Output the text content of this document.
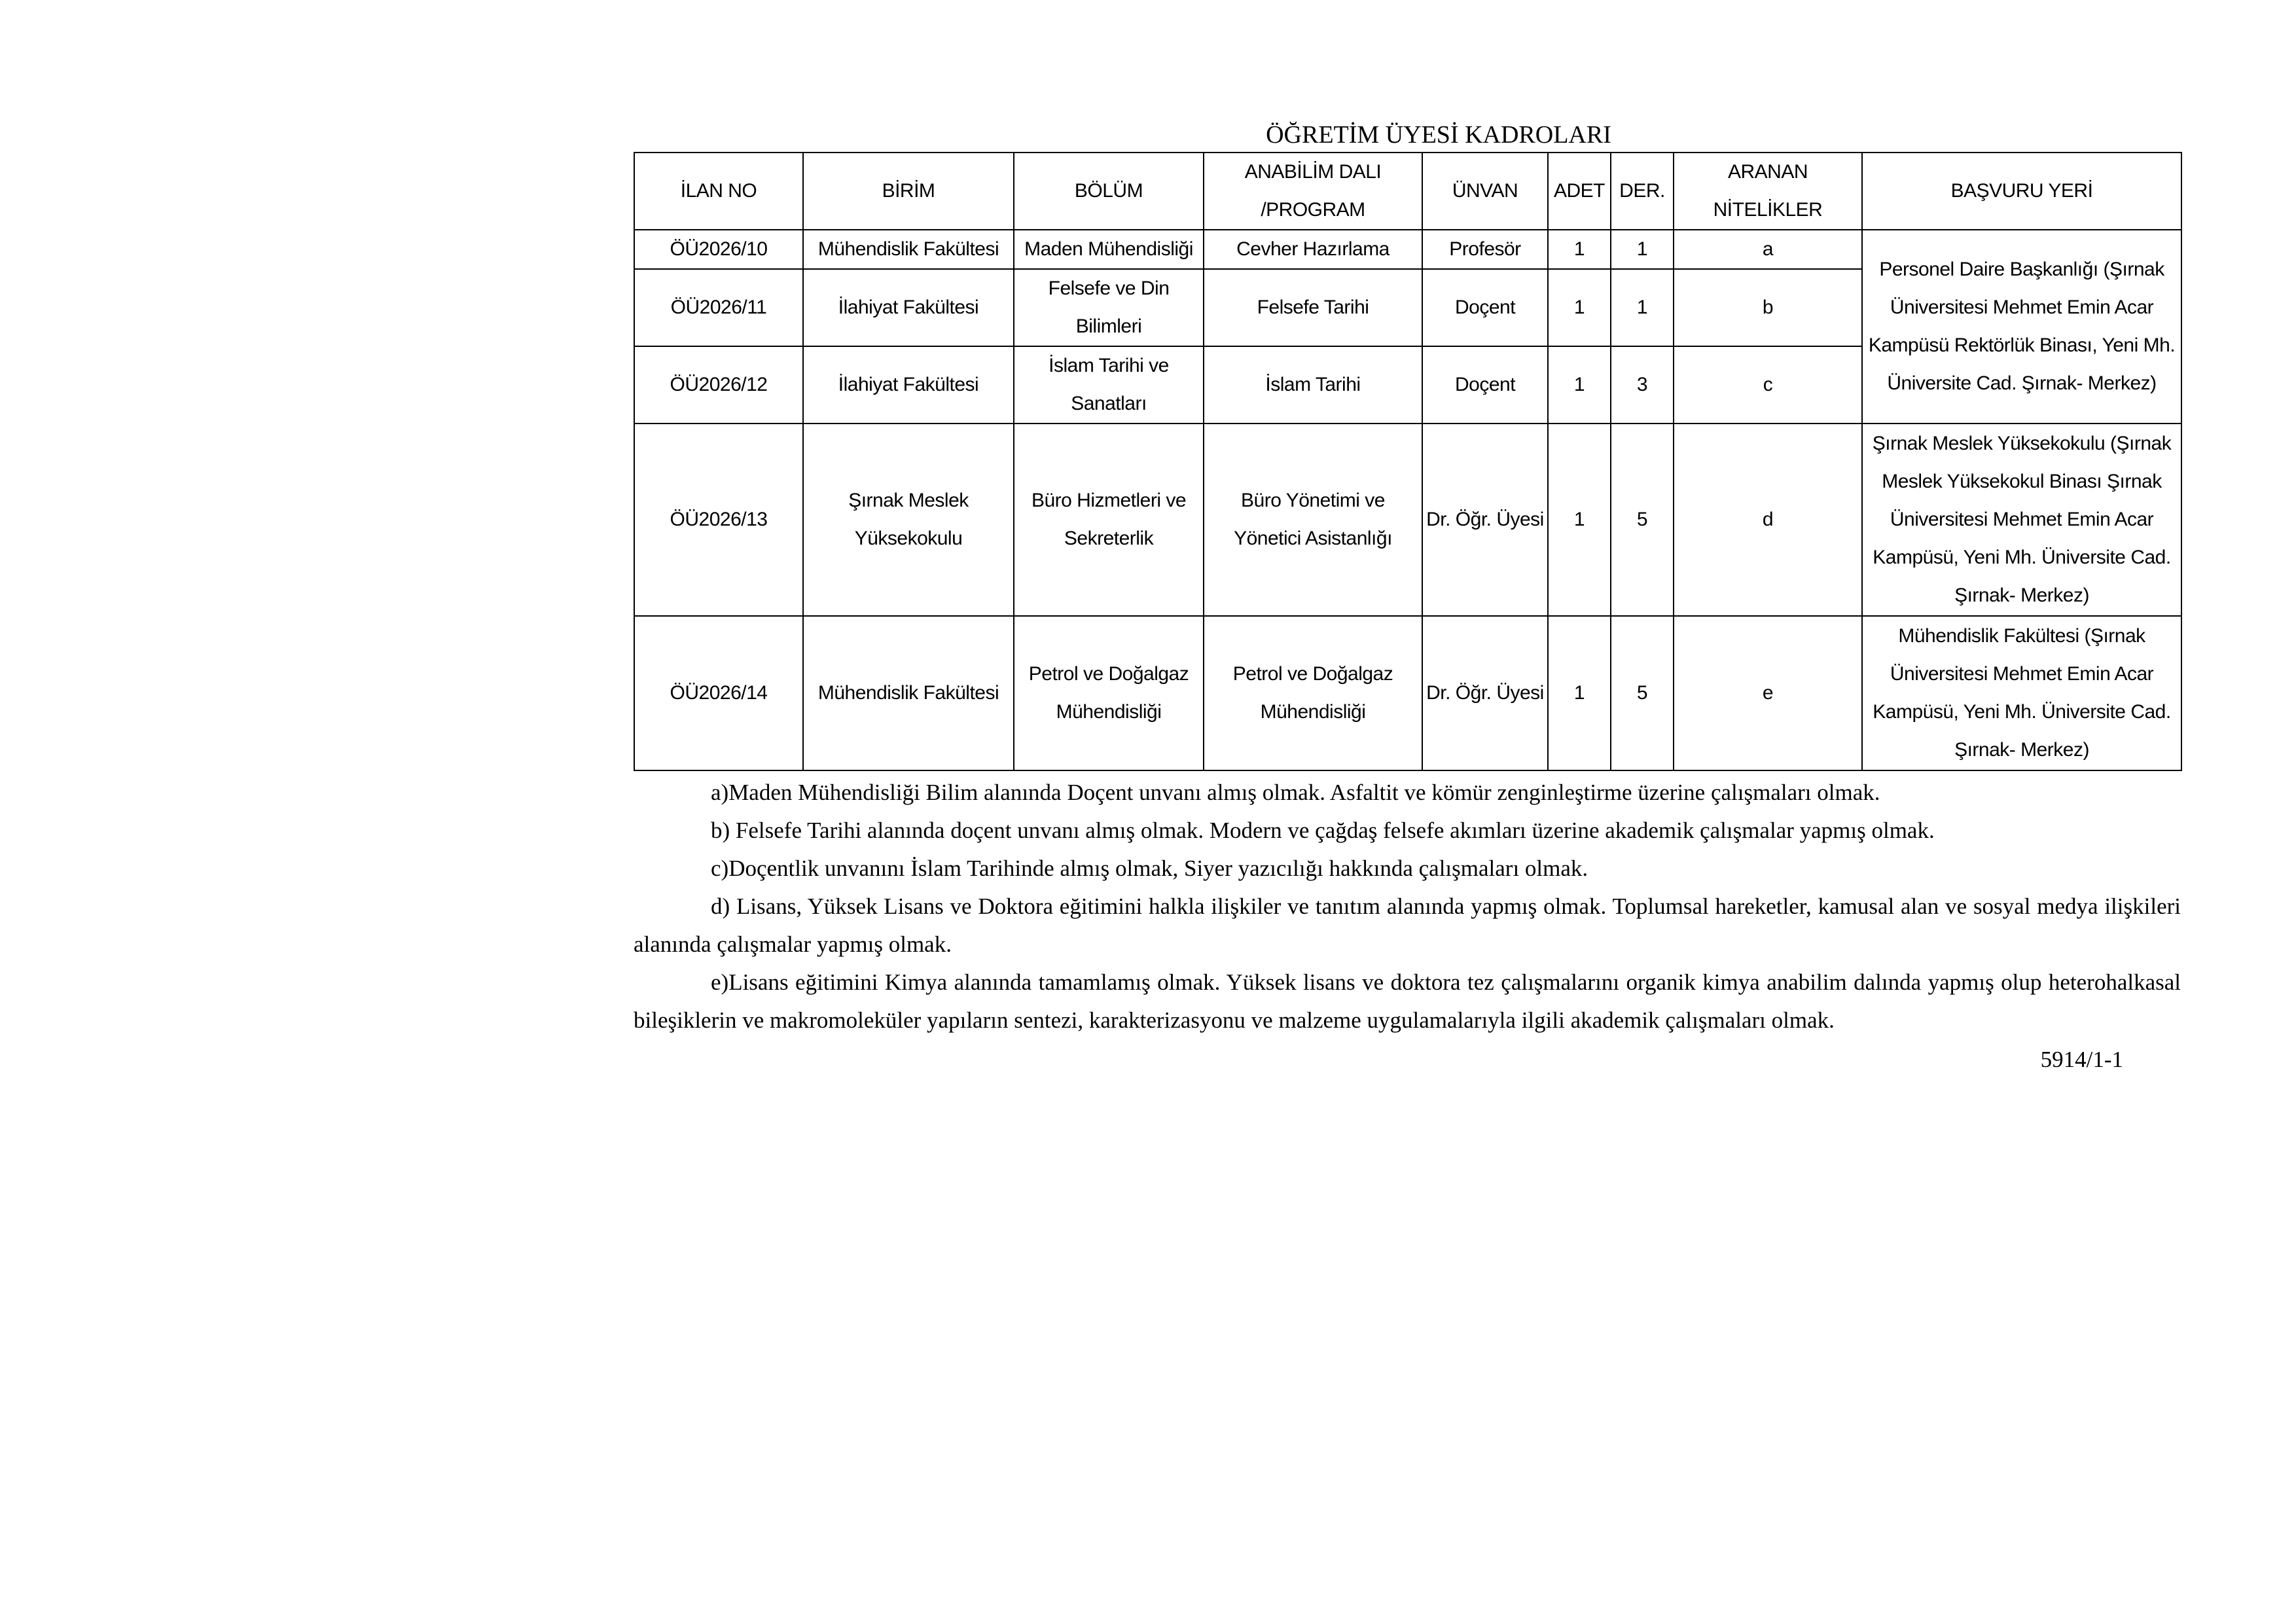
ÖĞRETİM ÜYESİ KADROLARI
İLAN NO	BİRİM	BÖLÜM	ANABİLİM DALI /PROGRAM	ÜNVAN	ADET	DER.	ARANAN NİTELİKLER	BAŞVURU YERİ
ÖÜ2026/10	Mühendislik Fakültesi	Maden Mühendisliği	Cevher Hazırlama	Profesör	1	1	a	Personel Daire Başkanlığı (Şırnak Üniversitesi Mehmet Emin Acar Kampüsü Rektörlük Binası, Yeni Mh. Üniversite Cad. Şırnak- Merkez)
ÖÜ2026/11	İlahiyat Fakültesi	Felsefe ve Din Bilimleri	Felsefe Tarihi	Doçent	1	1	b	
ÖÜ2026/12	İlahiyat Fakültesi	İslam Tarihi ve Sanatları	İslam Tarihi	Doçent	1	3	c	
ÖÜ2026/13	Şırnak Meslek Yüksekokulu	Büro Hizmetleri ve Sekreterlik	Büro Yönetimi ve Yönetici Asistanlığı	Dr. Öğr. Üyesi	1	5	d	Şırnak Meslek Yüksekokulu (Şırnak Meslek Yüksekokul Binası Şırnak Üniversitesi Mehmet Emin Acar Kampüsü, Yeni Mh. Üniversite Cad. Şırnak- Merkez)
ÖÜ2026/14	Mühendislik Fakültesi	Petrol ve Doğalgaz Mühendisliği	Petrol ve Doğalgaz Mühendisliği	Dr. Öğr. Üyesi	1	5	e	Mühendislik Fakültesi (Şırnak Üniversitesi Mehmet Emin Acar Kampüsü, Yeni Mh. Üniversite Cad. Şırnak- Merkez)

a)Maden Mühendisliği Bilim alanında Doçent unvanı almış olmak. Asfaltit ve kömür zenginleştirme üzerine çalışmaları olmak.

b) Felsefe Tarihi alanında doçent unvanı almış olmak. Modern ve çağdaş felsefe akımları üzerine akademik çalışmalar yapmış olmak.

c)Doçentlik unvanını İslam Tarihinde almış olmak, Siyer yazıcılığı hakkında çalışmaları olmak.

d) Lisans, Yüksek Lisans ve Doktora eğitimini halkla ilişkiler ve tanıtım alanında yapmış olmak. Toplumsal hareketler, kamusal alan ve sosyal medya ilişkileri alanında çalışmalar yapmış olmak.

e)Lisans eğitimini Kimya alanında tamamlamış olmak. Yüksek lisans ve doktora tez çalışmalarını organik kimya anabilim dalında yapmış olup heterohalkasal bileşiklerin ve makromoleküler yapıların sentezi, karakterizasyonu ve malzeme uygulamalarıyla ilgili akademik çalışmaları olmak.

5914/1-1
